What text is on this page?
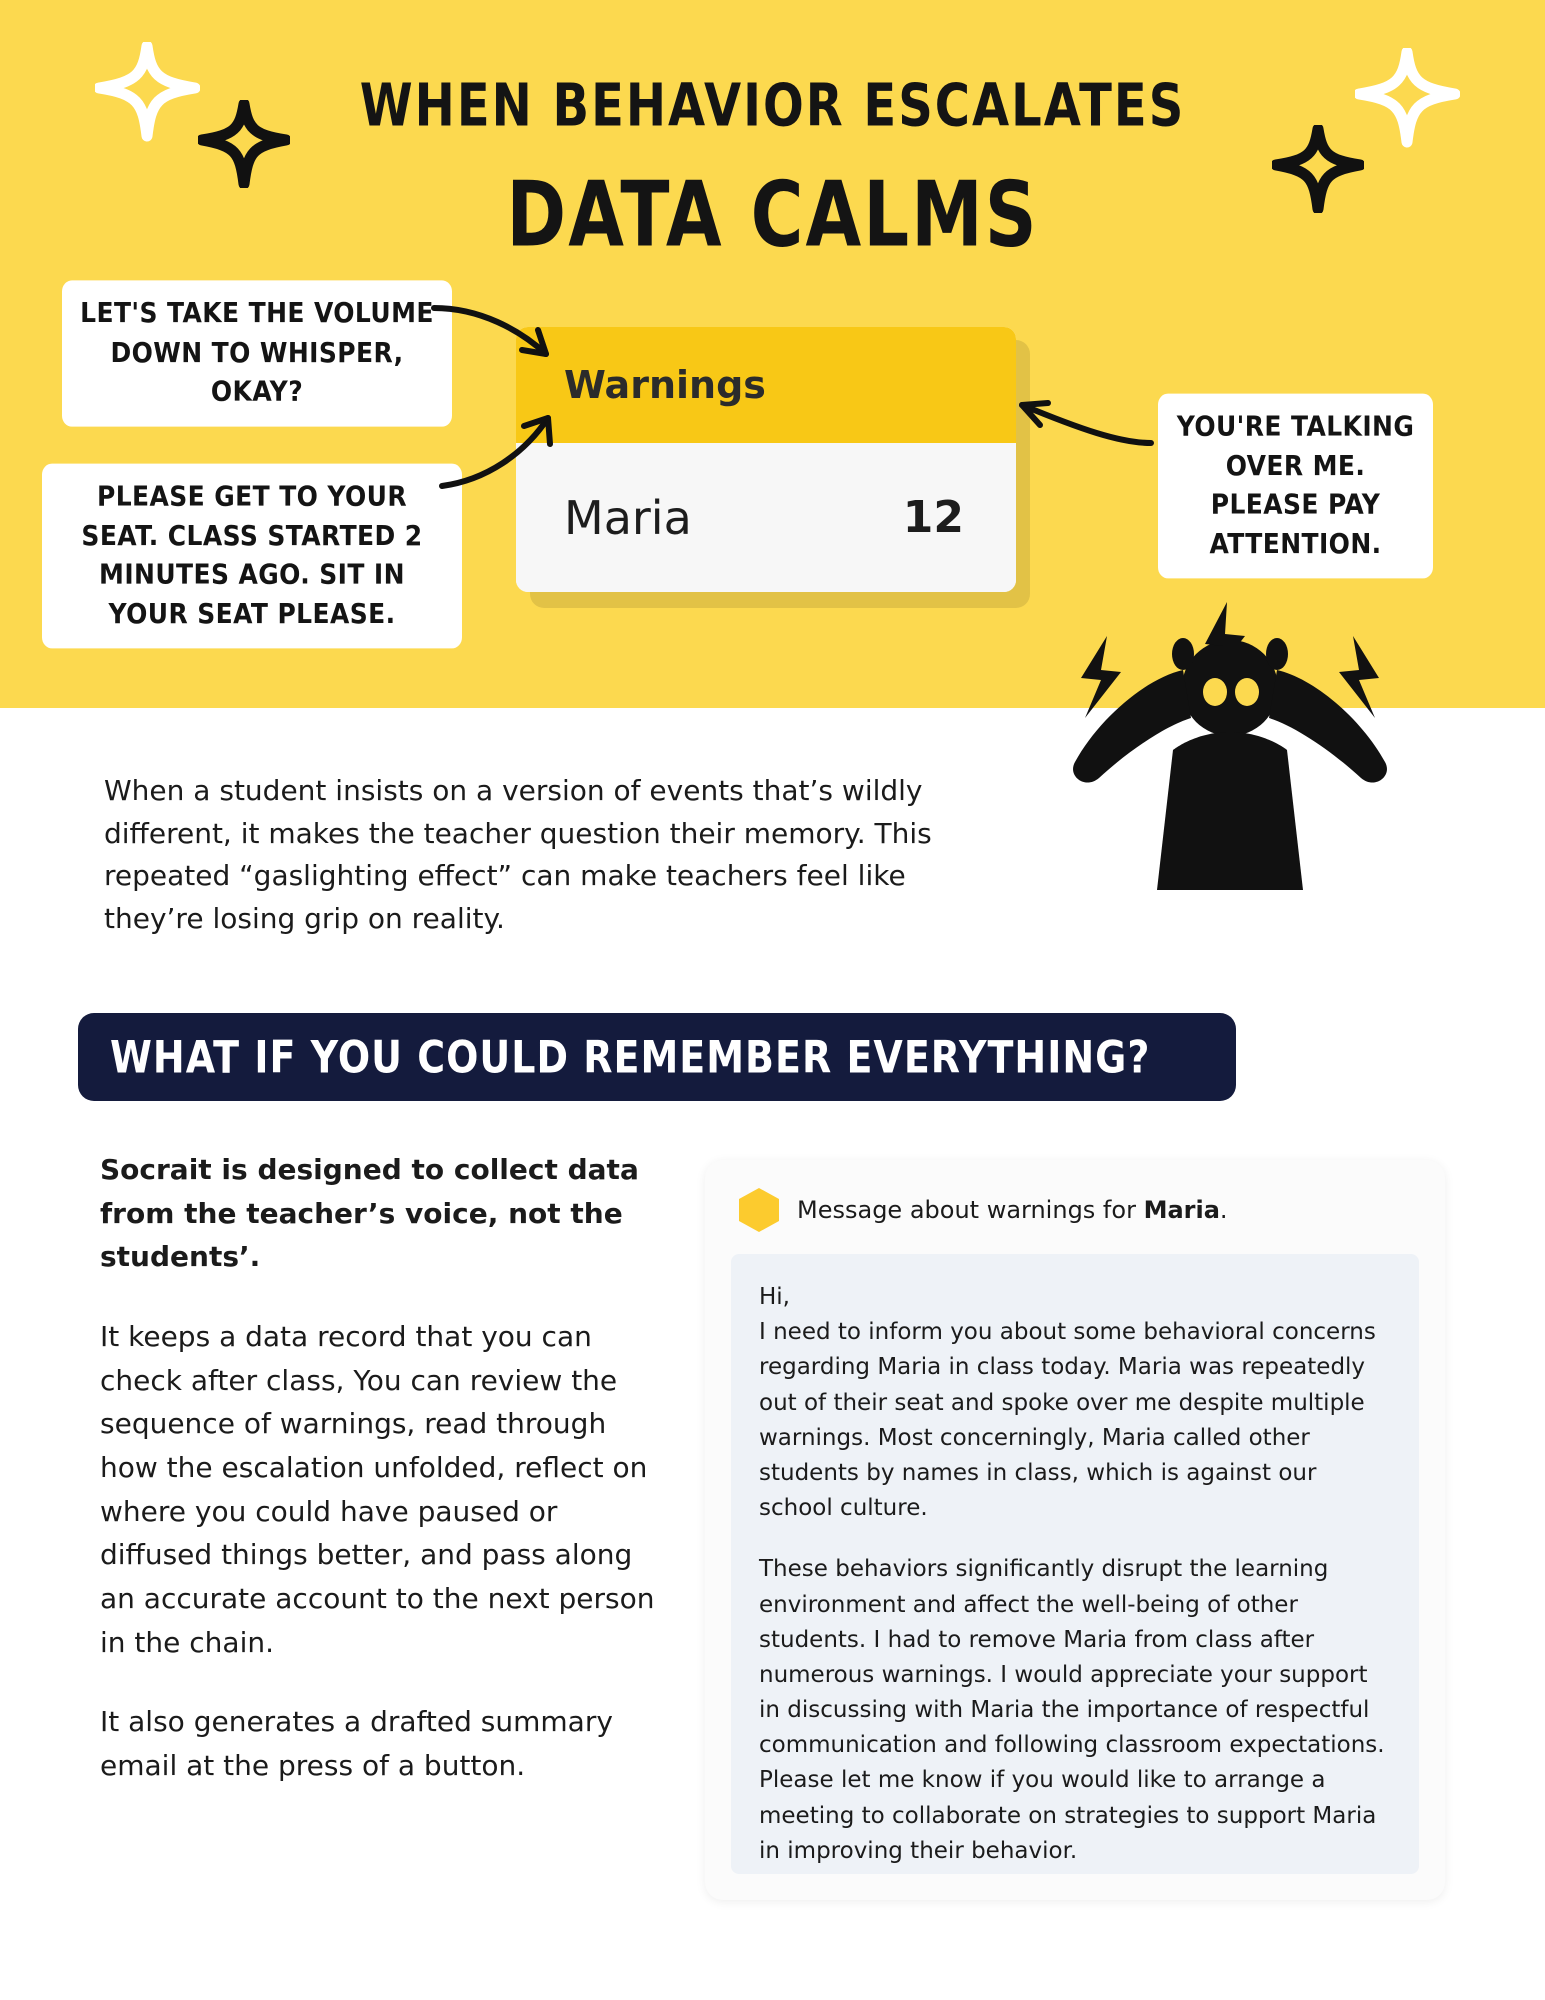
WHEN BEHAVIOR ESCALATES
DATA CALMS
Warnings
Maria	12
LET'S TAKE THE VOLUME DOWN TO WHISPER, OKAY?
PLEASE GET TO YOUR SEAT. CLASS STARTED 2 MINUTES AGO. SIT IN YOUR SEAT PLEASE.
YOU'RE TALKING OVER ME. PLEASE PAY ATTENTION.
When a student insists on a version of events that’s wildly different, it makes the teacher question their memory. This repeated “gaslighting effect” can make teachers feel like they’re losing grip on reality.
WHAT IF YOU COULD REMEMBER EVERYTHING?

Socrait is designed to collect data from the teacher’s voice, not the students’.

It keeps a data record that you can check after class, You can review the sequence of warnings, read through how the escalation unfolded, reflect on where you could have paused or diffused things better, and pass along an accurate account to the next person in the chain.

It also generates a drafted summary email at the press of a button.

Message about warnings for Maria.

Hi,

I need to inform you about some behavioral concerns regarding Maria in class today. Maria was repeatedly out of their seat and spoke over me despite multiple warnings. Most concerningly, Maria called other students by names in class, which is against our school culture.

These behaviors significantly disrupt the learning environment and affect the well-being of other students. I had to remove Maria from class after numerous warnings. I would appreciate your support in discussing with Maria the importance of respectful communication and following classroom expectations. Please let me know if you would like to arrange a meeting to collaborate on strategies to support Maria in improving their behavior.
